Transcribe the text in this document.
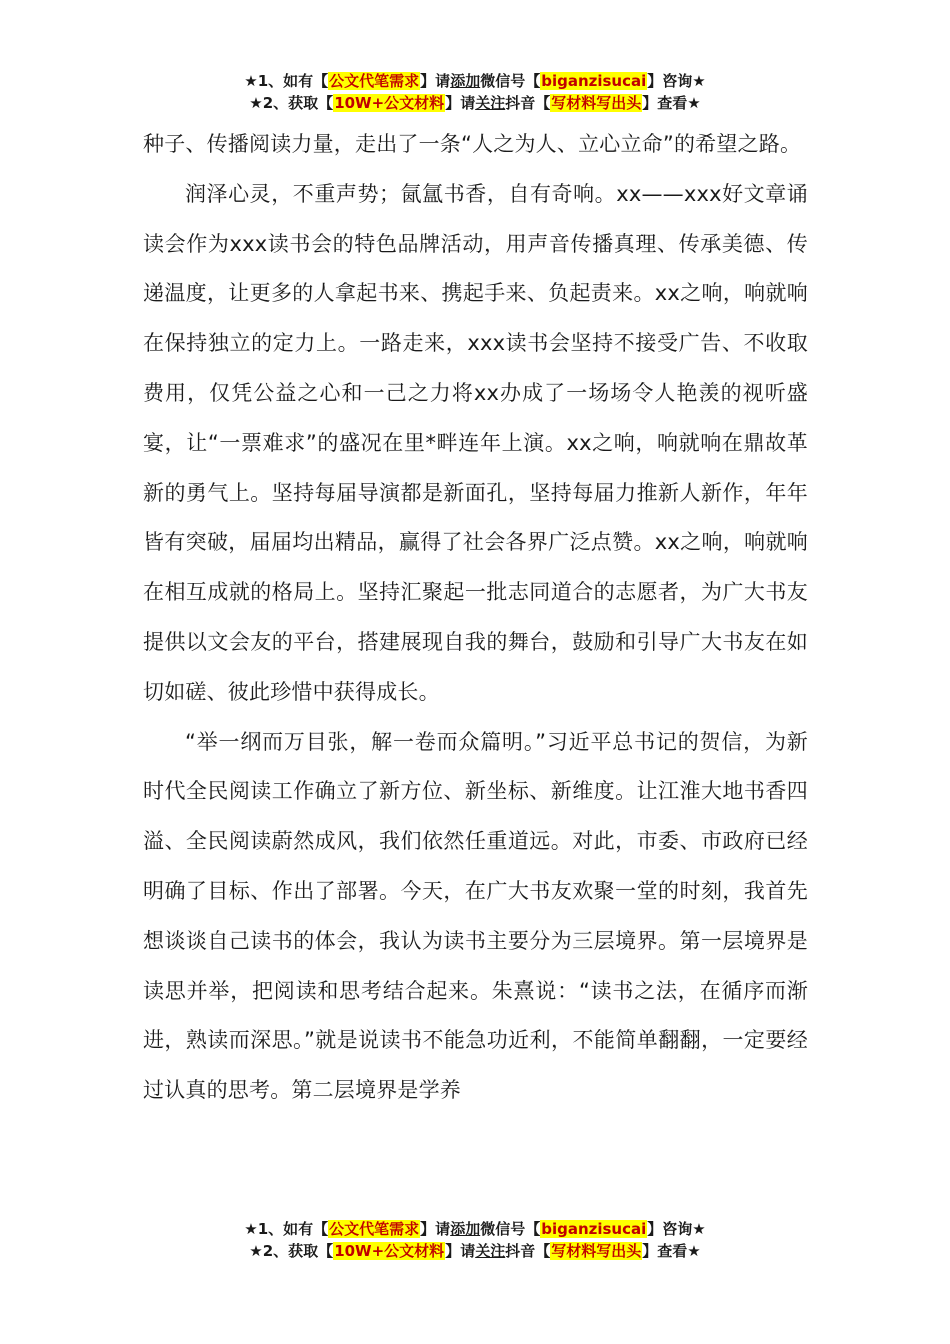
★1、如有【公文代笔需求】请添加微信号【biganzisucai】咨询★
★2、获取【10W+公文材料】请关注抖音【写材料写出头】查看★

种子、传播阅读力量，走出了一条“人之为人、立心立命”的希望之路。

润泽心灵，不重声势；氤氲书香，自有奇响。xx——xxx好文章诵读会作为xxx读书会的特色品牌活动，用声音传播真理、传承美德、传递温度，让更多的人拿起书来、携起手来、负起责来。xx之响，响就响在保持独立的定力上。一路走来，xxx读书会坚持不接受广告、不收取费用，仅凭公益之心和一己之力将xx办成了一场场令人艳羡的视听盛宴，让“一票难求”的盛况在里*畔连年上演。xx之响，响就响在鼎故革新的勇气上。坚持每届导演都是新面孔，坚持每届力推新人新作，年年皆有突破，届届均出精品，赢得了社会各界广泛点赞。xx之响，响就响在相互成就的格局上。坚持汇聚起一批志同道合的志愿者，为广大书友提供以文会友的平台，搭建展现自我的舞台，鼓励和引导广大书友在如切如磋、彼此珍惜中获得成长。

“举一纲而万目张，解一卷而众篇明。”习近平总书记的贺信，为新时代全民阅读工作确立了新方位、新坐标、新维度。让江淮大地书香四溢、全民阅读蔚然成风，我们依然任重道远。对此，市委、市政府已经明确了目标、作出了部署。今天，在广大书友欢聚一堂的时刻，我首先想谈谈自己读书的体会，我认为读书主要分为三层境界。第一层境界是读思并举，把阅读和思考结合起来。朱熹说：“读书之法，在循序而渐进，熟读而深思。”就是说读书不能急功近利，不能简单翻翻，一定要经过认真的思考。第二层境界是学养

★1、如有【公文代笔需求】请添加微信号【biganzisucai】咨询★
★2、获取【10W+公文材料】请关注抖音【写材料写出头】查看★
